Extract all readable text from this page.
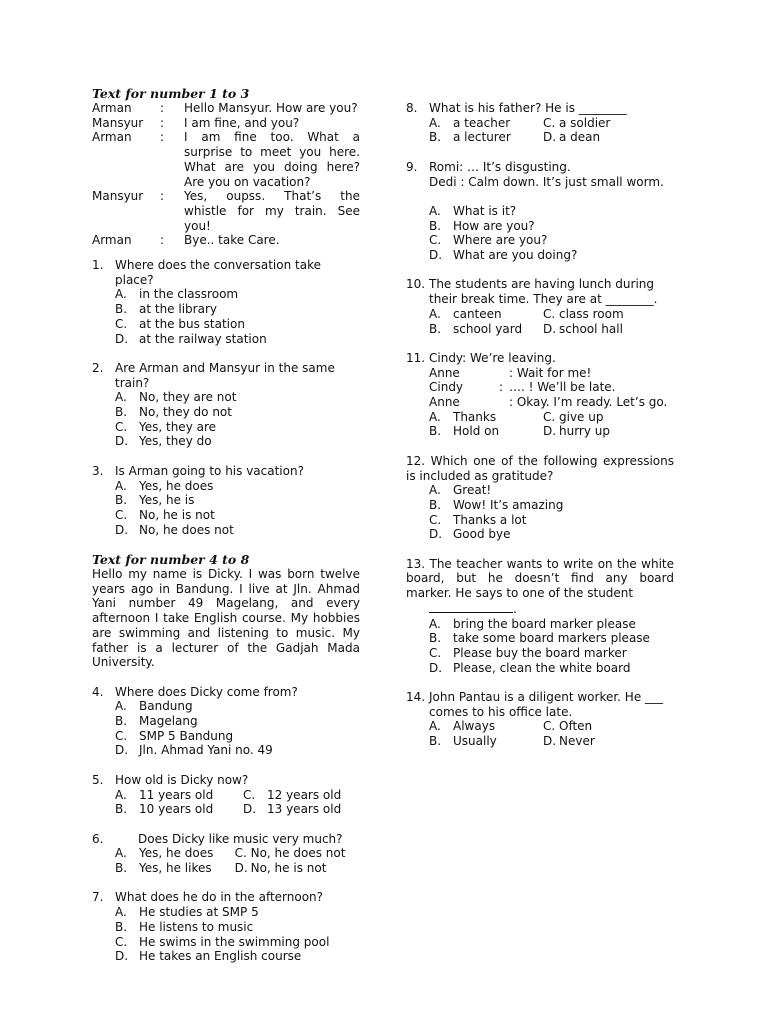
Text for number 1 to 3

Arman	:	Hello Mansyur. How are you?
Mansyur	:	I am fine, and you?
Arman	:	I am fine too. What a surprise to meet you here. What are you doing here? Are you on vacation?
Mansyur	:	Yes, oupss. That’s the whistle for my train. See you!
Arman	:	Bye.. take Care.
1. Where does the conversation take place?
A.	in the classroom
B. at the library
C. at the bus station
D. at the railway station
2. Are Arman and Mansyur in the same train?
A.	No, they are not
B. No, they do not
C. Yes, they are
D. Yes, they do
3. Is Arman going to his vacation?
A.	Yes, he does
B. Yes, he is
C. No, he is not
D. No, he does not

Text for number 4 to 8

Hello my name is Dicky. I was born twelve years ago in Bandung. I live at Jln. Ahmad Yani number 49 Magelang, and every afternoon I take English course. My hobbies are swimming and listening to music. My father is a lecturer of the Gadjah Mada University.

4. Where does Dicky come from?
A.	Bandung
B. Magelang
C. SMP 5 Bandung
D. Jln. Ahmad Yani no. 49
5. How old is Dicky now?
A.	11 years old C. 12 years old
B. 10 years old D. 13 years old
6.	Does Dicky like music very much?
A.	Yes, he does C. No, he does not
B. Yes, he likes D. No, he is not
7. What does he do in the afternoon?
A.	He studies at SMP 5
B. He listens to music
C. He swims in the swimming pool
D. He takes an English course
8. What is his father? He is ________
A.	a teacher	C. a soldier
B. a lecturer	D. a dean
9. Romi: … It’s disgusting.
Dedi : Calm down. It’s just small worm.
A.	What is it?
B. How are you?
C. Where are you?
D. What are you doing?
10. The students are having lunch during their break time. They are at ________.
A.	canteen	C. class room
B. school yard D. school hall
11. Cindy: We’re leaving.
Anne	: Wait for me!
Cindy	: …. ! We’ll be late.
Anne	: Okay. I’m ready. Let’s go.
A.	Thanks	C. give up
B. Hold on	D. hurry up

12. Which one of the following expressions is included as gratitude?

A.	Great!
B. Wow! It’s amazing
C. Thanks a lot
D. Good bye

13. The teacher wants to write on the white board, but he doesn’t find any board marker. He says to one of the student

.
A.	bring the board marker please
B. take some board markers please
C. Please buy the board marker
D. Please, clean the white board
14. John Pantau is a diligent worker. He ___
comes to his office late.
A.	Always	C. Often
B. Usually	D. Never
